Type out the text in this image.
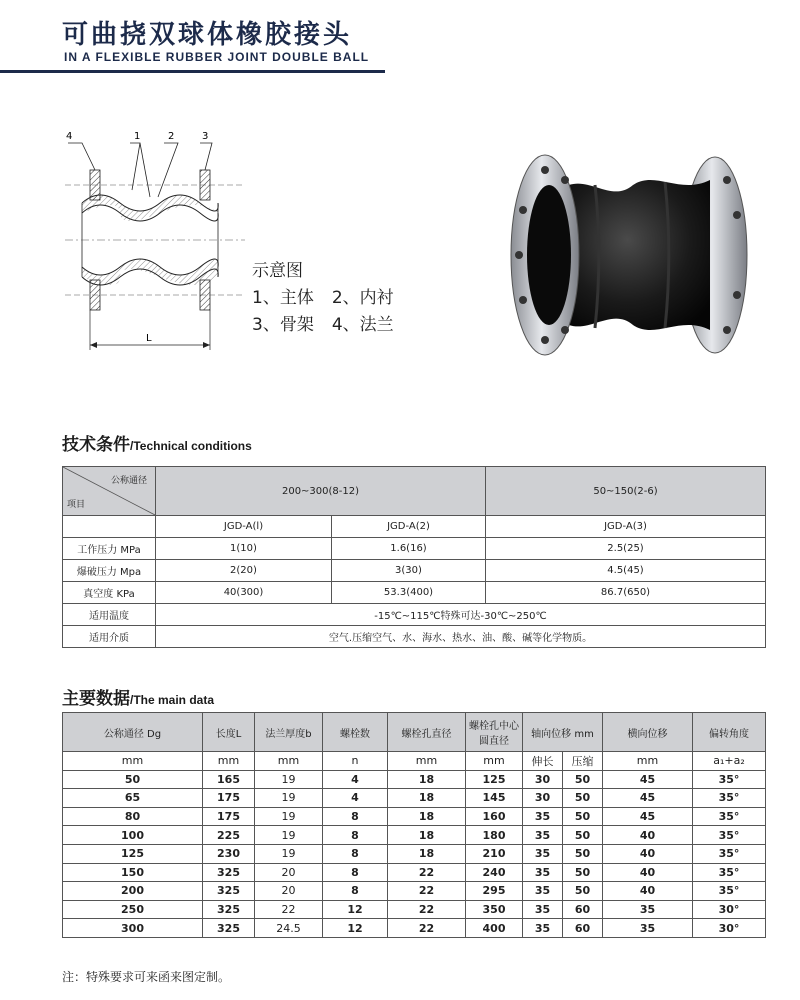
可曲挠双球体橡胶接头
IN A FLEXIBLE RUBBER JOINT DOUBLE BALL
4	1	2	3
L
示意图
1、主体 2、内衬
3、骨架 4、法兰
技术条件/Technical conditions
公称通径
项目	200~300(8-12)		50~150(2-6)
	JGD-A(l)	JGD-A(2)	JGD-A(3)
工作压力 MPa	1(10)	1.6(16)	2.5(25)
爆破压力 Mpa	2(20)	3(30)	4.5(45)
真空度 KPa	40(300)	53.3(400)	86.7(650)
适用温度	-15℃~115℃特殊可达-30℃~250℃		
适用介质	空气.压缩空气、水、海水、热水、油、酸、碱等化学物质。		
主要数据/The main data
公称通径 Dg	长度L	法兰厚度b	螺栓数	螺栓孔直径	螺栓孔中心圆直径	轴向位移 mm		横向位移	偏转角度
mm	mm	mm	n	mm	mm	伸长	压缩	mm	a₁+a₂
50	165	19	4	18	125	30	50	45	35°
65	175	19	4	18	145	30	50	45	35°
80	175	19	8	18	160	35	50	45	35°
100	225	19	8	18	180	35	50	40	35°
125	230	19	8	18	210	35	50	40	35°
150	325	20	8	22	240	35	50	40	35°
200	325	20	8	22	295	35	50	40	35°
250	325	22	12	22	350	35	60	35	30°
300	325	24.5	12	22	400	35	60	35	30°
注：特殊要求可来函来图定制。
